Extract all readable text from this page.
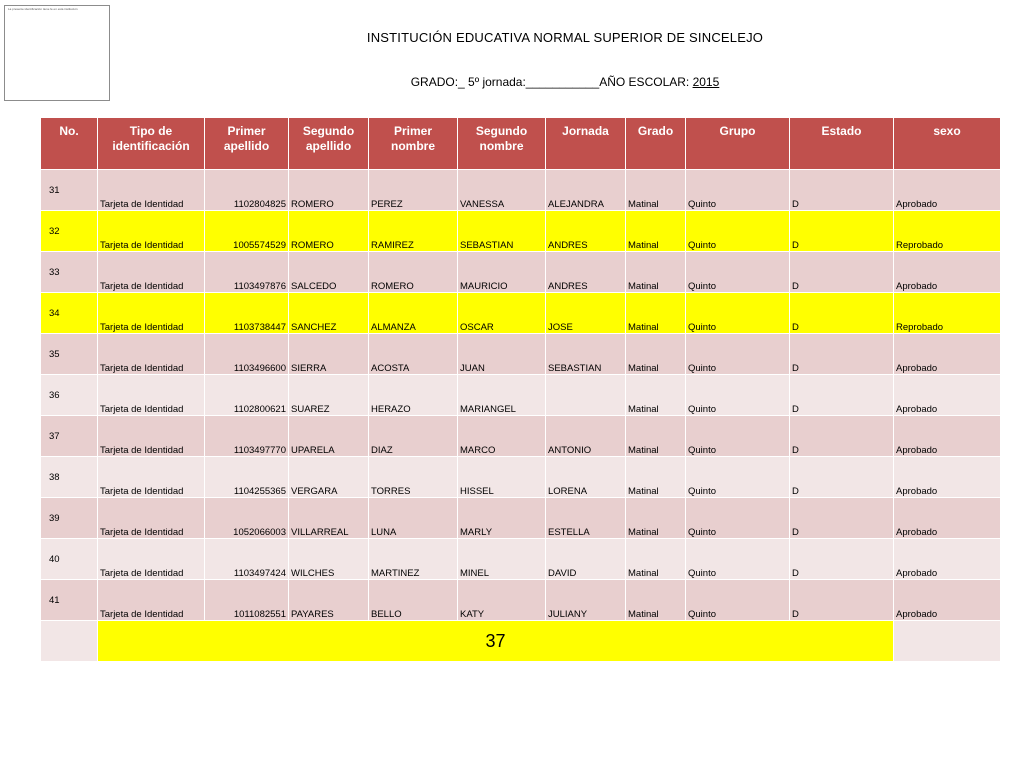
La presente identificación tiene fe en esta institución
INSTITUCIÓN EDUCATIVA NORMAL SUPERIOR DE SINCELEJO
GRADO:_ 5º jornada:___________AÑO ESCOLAR: 2015
No.	Tipo de identificación	Primer apellido	Segundo apellido	Primer nombre	Segundo nombre	Jornada	Grado	Grupo	Estado	sexo
31	Tarjeta de Identidad	1102804825	ROMERO	PEREZ	VANESSA	ALEJANDRA	Matinal	Quinto	D	Aprobado
32	Tarjeta de Identidad	1005574529	ROMERO	RAMIREZ	SEBASTIAN	ANDRES	Matinal	Quinto	D	Reprobado
33	Tarjeta de Identidad	1103497876	SALCEDO	ROMERO	MAURICIO	ANDRES	Matinal	Quinto	D	Aprobado
34	Tarjeta de Identidad	1103738447	SANCHEZ	ALMANZA	OSCAR	JOSE	Matinal	Quinto	D	Reprobado
35	Tarjeta de Identidad	1103496600	SIERRA	ACOSTA	JUAN	SEBASTIAN	Matinal	Quinto	D	Aprobado
36	Tarjeta de Identidad	1102800621	SUAREZ	HERAZO	MARIANGEL		Matinal	Quinto	D	Aprobado
37	Tarjeta de Identidad	1103497770	UPARELA	DIAZ	MARCO	ANTONIO	Matinal	Quinto	D	Aprobado
38	Tarjeta de Identidad	1104255365	VERGARA	TORRES	HISSEL	LORENA	Matinal	Quinto	D	Aprobado
39	Tarjeta de Identidad	1052066003	VILLARREAL	LUNA	MARLY	ESTELLA	Matinal	Quinto	D	Aprobado
40	Tarjeta de Identidad	1103497424	WILCHES	MARTINEZ	MINEL	DAVID	Matinal	Quinto	D	Aprobado
41	Tarjeta de Identidad	1011082551	PAYARES	BELLO	KATY	JULIANY	Matinal	Quinto	D	Aprobado
	37									
